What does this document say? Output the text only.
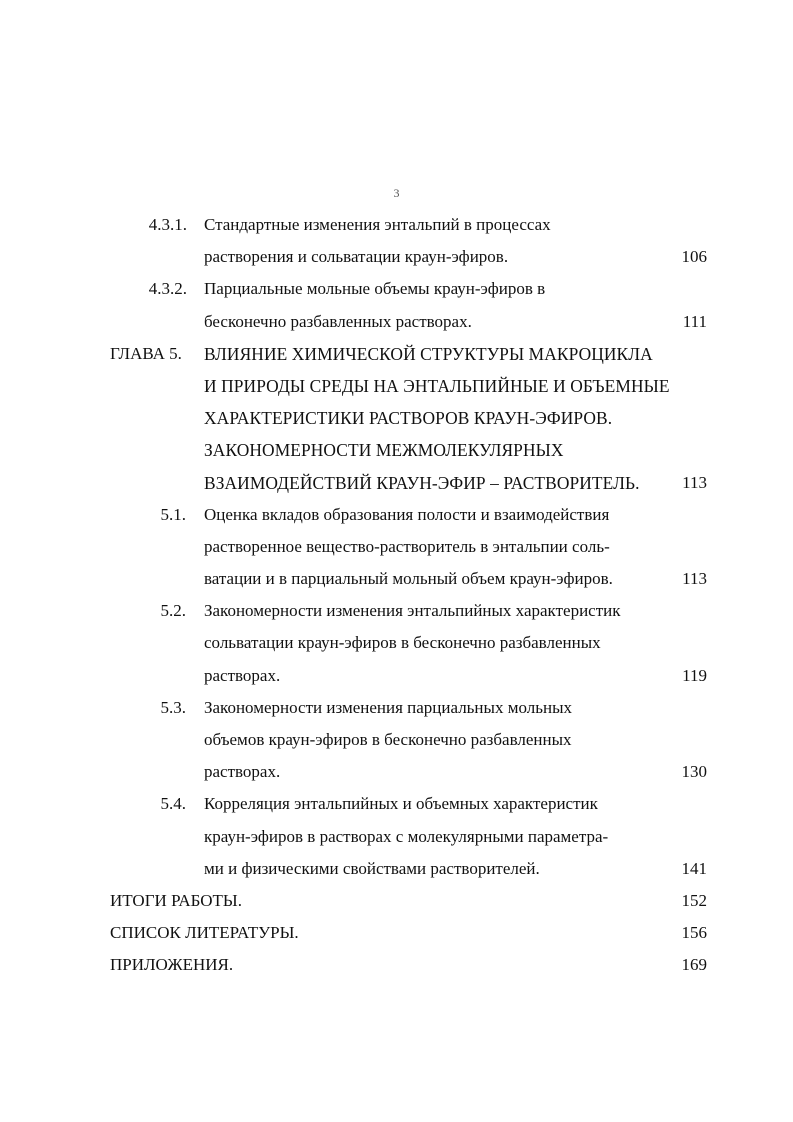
3
4.3.1. Стандартные изменения энтальпий в процессах
растворения и сольватации краун-эфиров.	106
4.3.2. Парциальные мольные объемы краун-эфиров в
бесконечно разбавленных растворах.	111
ГЛАВА 5. ВЛИЯНИЕ ХИМИЧЕСКОЙ СТРУКТУРЫ МАКРОЦИКЛА
И ПРИРОДЫ СРЕДЫ НА ЭНТАЛЬПИЙНЫЕ И ОБЪЕМНЫЕ
ХАРАКТЕРИСТИКИ РАСТВОРОВ КРАУН-ЭФИРОВ.
ЗАКОНОМЕРНОСТИ МЕЖМОЛЕКУЛЯРНЫХ
ВЗАИМОДЕЙСТВИЙ КРАУН-ЭФИР – РАСТВОРИТЕЛЬ.	113
5.1. Оценка вкладов образования полости и взаимодействия
растворенное вещество-растворитель в энтальпии соль-
ватации и в парциальный мольный объем краун-эфиров.	113
5.2. Закономерности изменения энтальпийных характеристик
сольватации краун-эфиров в бесконечно разбавленных
растворах.	119
5.3. Закономерности изменения парциальных мольных
объемов краун-эфиров в бесконечно разбавленных
растворах.	130
5.4. Корреляция энтальпийных и объемных характеристик
краун-эфиров в растворах с молекулярными параметра-
ми и физическими свойствами растворителей.	141
ИТОГИ РАБОТЫ.	152
СПИСОК ЛИТЕРАТУРЫ.	156
ПРИЛОЖЕНИЯ.	169
